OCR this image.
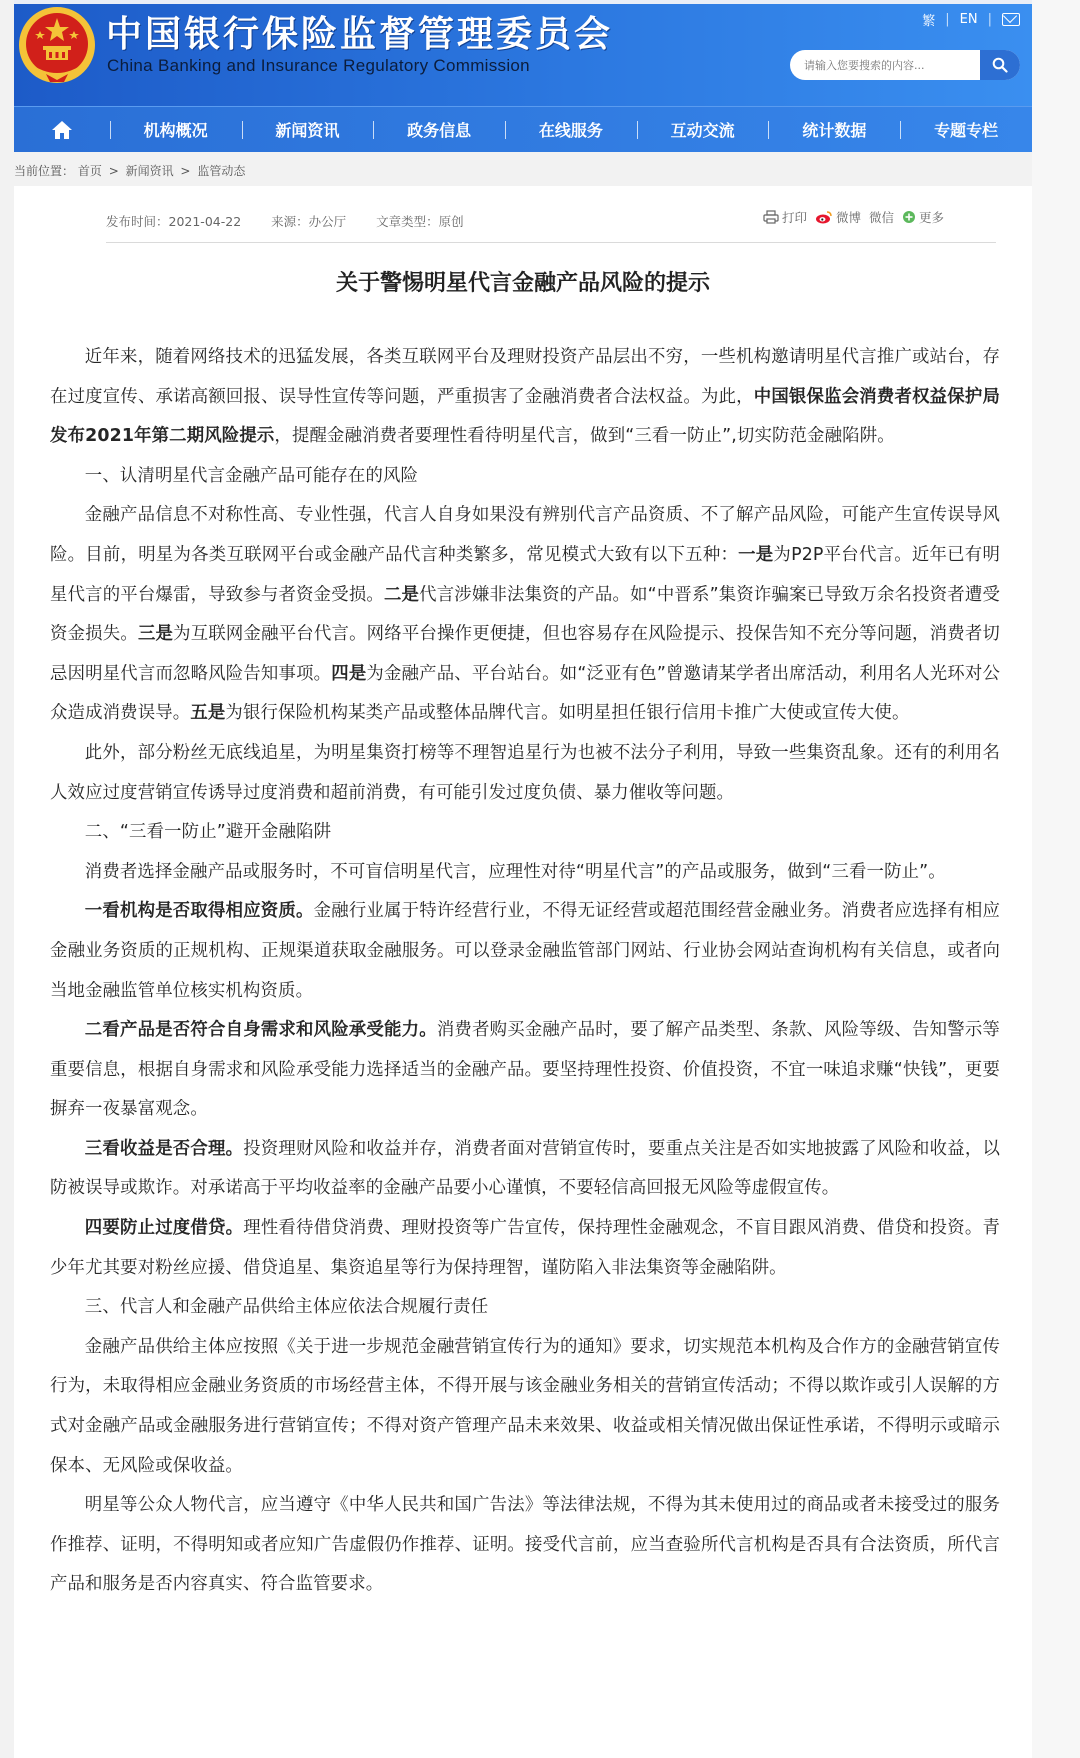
中国银行保险监督管理委员会
China Banking and Insurance Regulatory Commission
繁 | EN |
请输入您要搜索的内容...
机构概况	新闻资讯	政务信息	在线服务	互动交流	统计数据	专题专栏
当前位置： 首页 > 新闻资讯 > 监管动态
发布时间：2021-04-22 来源：办公厅 文章类型：原创	打印 微博 微信 更多
关于警惕明星代言金融产品风险的提示

近年来，随着网络技术的迅猛发展，各类互联网平台及理财投资产品层出不穷，一些机构邀请明星代言推广或站台，存在过度宣传、承诺高额回报、误导性宣传等问题，严重损害了金融消费者合法权益。为此，中国银保监会消费者权益保护局发布2021年第二期风险提示，提醒金融消费者要理性看待明星代言，做到“三看一防止”,切实防范金融陷阱。

一、认清明星代言金融产品可能存在的风险

金融产品信息不对称性高、专业性强，代言人自身如果没有辨别代言产品资质、不了解产品风险，可能产生宣传误导风险。目前，明星为各类互联网平台或金融产品代言种类繁多，常见模式大致有以下五种：一是为P2P平台代言。近年已有明星代言的平台爆雷，导致参与者资金受损。二是代言涉嫌非法集资的产品。如“中晋系”集资诈骗案已导致万余名投资者遭受资金损失。三是为互联网金融平台代言。网络平台操作更便捷，但也容易存在风险提示、投保告知不充分等问题，消费者切忌因明星代言而忽略风险告知事项。四是为金融产品、平台站台。如“泛亚有色”曾邀请某学者出席活动，利用名人光环对公众造成消费误导。五是为银行保险机构某类产品或整体品牌代言。如明星担任银行信用卡推广大使或宣传大使。

此外，部分粉丝无底线追星，为明星集资打榜等不理智追星行为也被不法分子利用，导致一些集资乱象。还有的利用名人效应过度营销宣传诱导过度消费和超前消费，有可能引发过度负债、暴力催收等问题。

二、“三看一防止”避开金融陷阱

消费者选择金融产品或服务时，不可盲信明星代言，应理性对待“明星代言”的产品或服务，做到“三看一防止”。

一看机构是否取得相应资质。金融行业属于特许经营行业，不得无证经营或超范围经营金融业务。消费者应选择有相应金融业务资质的正规机构、正规渠道获取金融服务。可以登录金融监管部门网站、行业协会网站查询机构有关信息，或者向当地金融监管单位核实机构资质。

二看产品是否符合自身需求和风险承受能力。消费者购买金融产品时，要了解产品类型、条款、风险等级、告知警示等重要信息，根据自身需求和风险承受能力选择适当的金融产品。要坚持理性投资、价值投资，不宜一味追求赚“快钱”，更要摒弃一夜暴富观念。

三看收益是否合理。投资理财风险和收益并存，消费者面对营销宣传时，要重点关注是否如实地披露了风险和收益，以防被误导或欺诈。对承诺高于平均收益率的金融产品要小心谨慎，不要轻信高回报无风险等虚假宣传。

四要防止过度借贷。理性看待借贷消费、理财投资等广告宣传，保持理性金融观念，不盲目跟风消费、借贷和投资。青少年尤其要对粉丝应援、借贷追星、集资追星等行为保持理智，谨防陷入非法集资等金融陷阱。

三、代言人和金融产品供给主体应依法合规履行责任

金融产品供给主体应按照《关于进一步规范金融营销宣传行为的通知》要求，切实规范本机构及合作方的金融营销宣传行为，未取得相应金融业务资质的市场经营主体，不得开展与该金融业务相关的营销宣传活动；不得以欺诈或引人误解的方式对金融产品或金融服务进行营销宣传；不得对资产管理产品未来效果、收益或相关情况做出保证性承诺，不得明示或暗示保本、无风险或保收益。

明星等公众人物代言，应当遵守《中华人民共和国广告法》等法律法规，不得为其未使用过的商品或者未接受过的服务作推荐、证明，不得明知或者应知广告虚假仍作推荐、证明。接受代言前，应当查验所代言机构是否具有合法资质，所代言产品和服务是否内容真实、符合监管要求。
